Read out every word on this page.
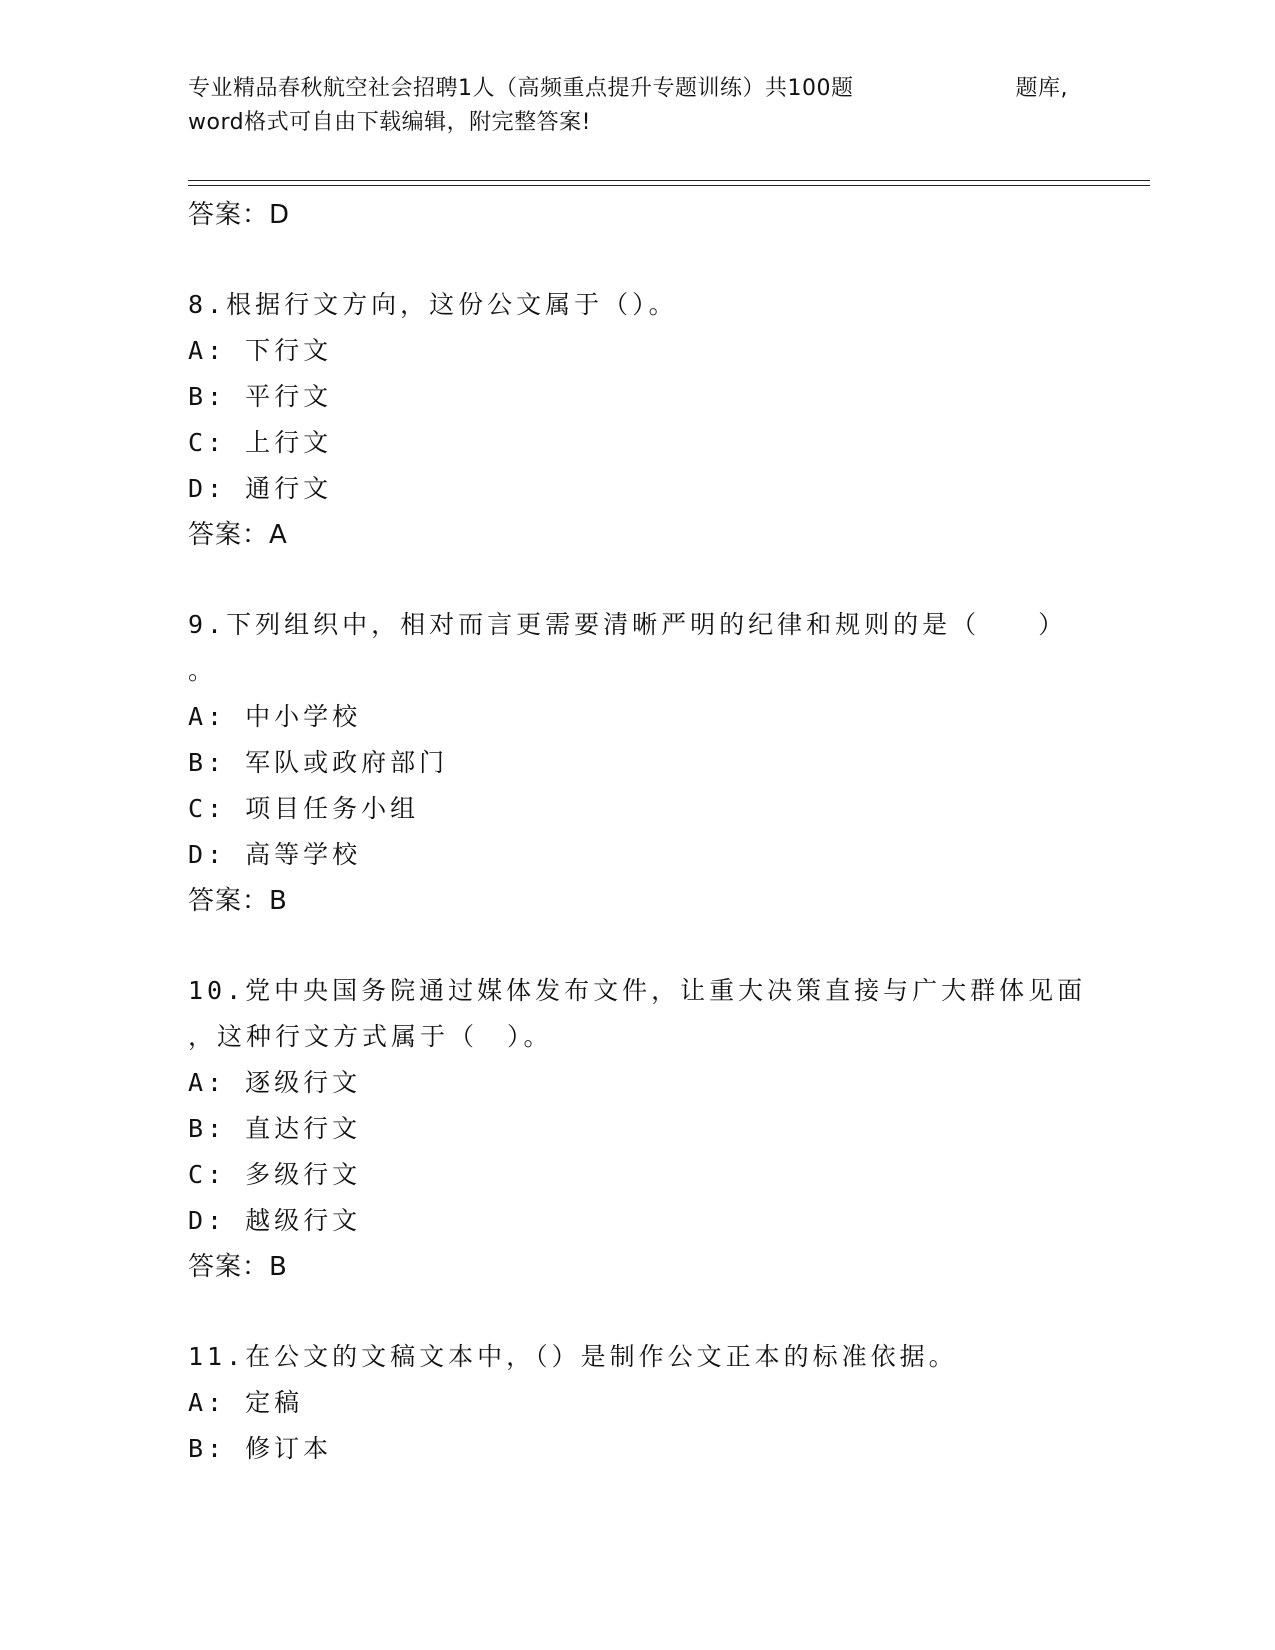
专业精品春秋航空社会招聘1人（高频重点提升专题训练）共100题	题库,
word格式可自由下载编辑，附完整答案!
答案：D
8.根据行文方向，这份公文属于（）。
A: 下行文
B: 平行文
C: 上行文
D: 通行文
答案：A
9.下列组织中，相对而言更需要清晰严明的纪律和规则的是（　　）
。
A: 中小学校
B: 军队或政府部门
C: 项目任务小组
D: 高等学校
答案：B
10.党中央国务院通过媒体发布文件，让重大决策直接与广大群体见面
，这种行文方式属于（　）。
A: 逐级行文
B: 直达行文
C: 多级行文
D: 越级行文
答案：B
11.在公文的文稿文本中，（）是制作公文正本的标准依据。
A: 定稿
B: 修订本
